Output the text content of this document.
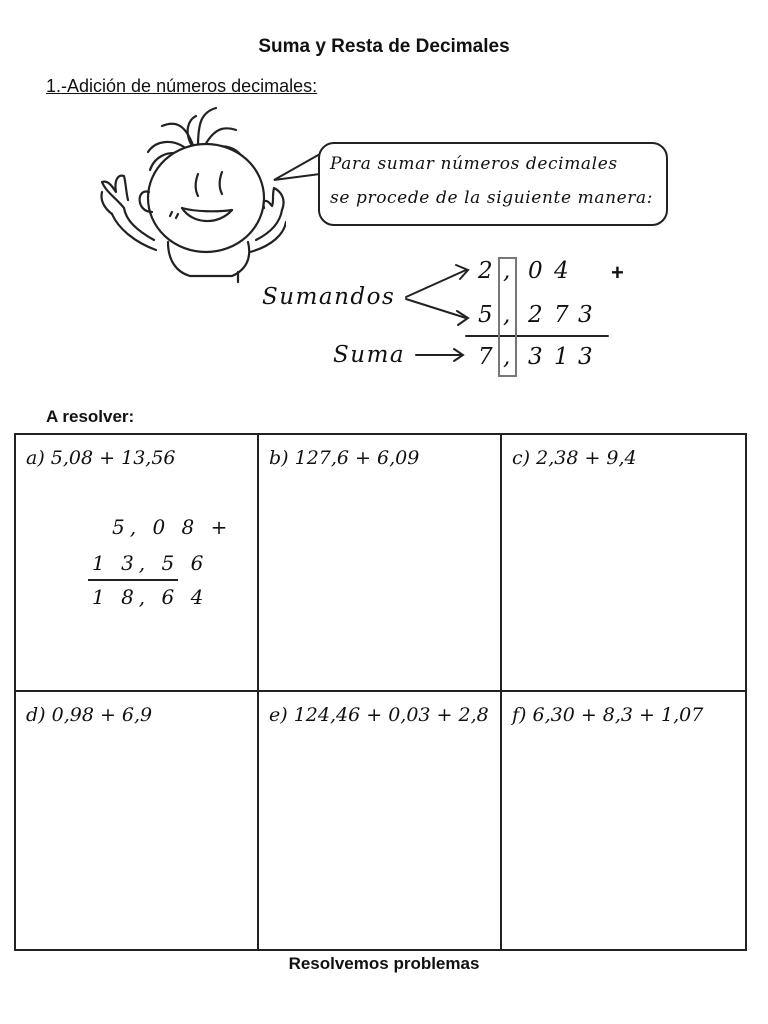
Suma y Resta de Decimales
1.-Adición de números decimales:
Para sumar números decimales
se procede de la siguiente manera:
Sumandos
Suma
2 , 0 4 +
5 , 2 7 3
7 , 3 1 3
A resolver:
a) 5,08 + 13,56
5, 0 8 +
1 3, 5 6
1 8, 6 4
b) 127,6 + 6,09	c) 2,38 + 9,4
d) 0,98 + 6,9	e) 124,46 + 0,03 + 2,8 f) 6,30 + 8,3 + 1,07
Resolvemos problemas
